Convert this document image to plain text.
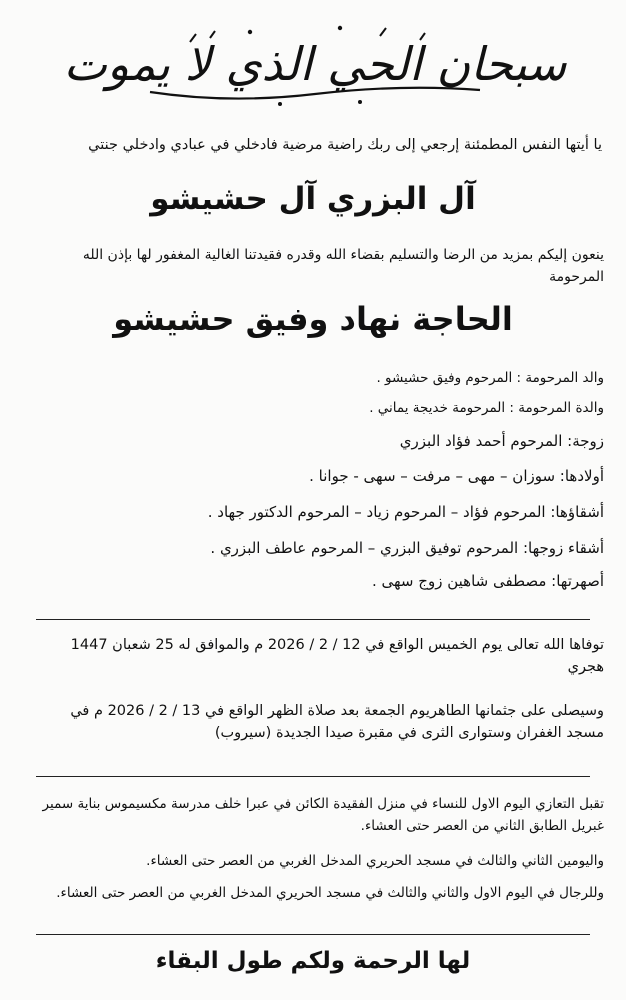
سبحان الحي الذي لا يموت
يا أيتها النفس المطمئنة إرجعي إلى ربك راضية مرضية فادخلي في عبادي وادخلي جنتي
آل البزري آل حشيشو
ينعون إليكم بمزيد من الرضا والتسليم بقضاء الله وقدره فقيدتنا الغالية المغفور لها بإذن الله المرحومة
الحاجة نهاد وفيق حشيشو
والد المرحومة : المرحوم وفيق حشيشو .
والدة المرحومة : المرحومة خديجة يماني .
زوجة: المرحوم أحمد فؤاد البزري
أولادها: سوزان – مهى – مرفت – سهى - جوانا .
أشقاؤها: المرحوم فؤاد – المرحوم زياد – المرحوم الدكتور جهاد .
أشقاء زوجها: المرحوم توفيق البزري – المرحوم عاطف البزري .
أصهرتها: مصطفى شاهين زوج سهى .
توفاها الله تعالى يوم الخميس الواقع في 12 / 2 / 2026 م والموافق له 25 شعبان 1447 هجري
وسيصلى على جثمانها الطاهريوم الجمعة بعد صلاة الظهر الواقع في 13 / 2 / 2026 م في مسجد الغفران وستوارى الثرى في مقبرة صيدا الجديدة (سيروب)
تقبل التعازي اليوم الاول للنساء في منزل الفقيدة الكائن في عبرا خلف مدرسة مكسيموس بناية سمير غبريل الطابق الثاني من العصر حتى العشاء.
واليومين الثاني والثالث في مسجد الحريري المدخل الغربي من العصر حتى العشاء.
وللرجال في اليوم الاول والثاني والثالث في مسجد الحريري المدخل الغربي من العصر حتى العشاء.
لها الرحمة ولكم طول البقاء
